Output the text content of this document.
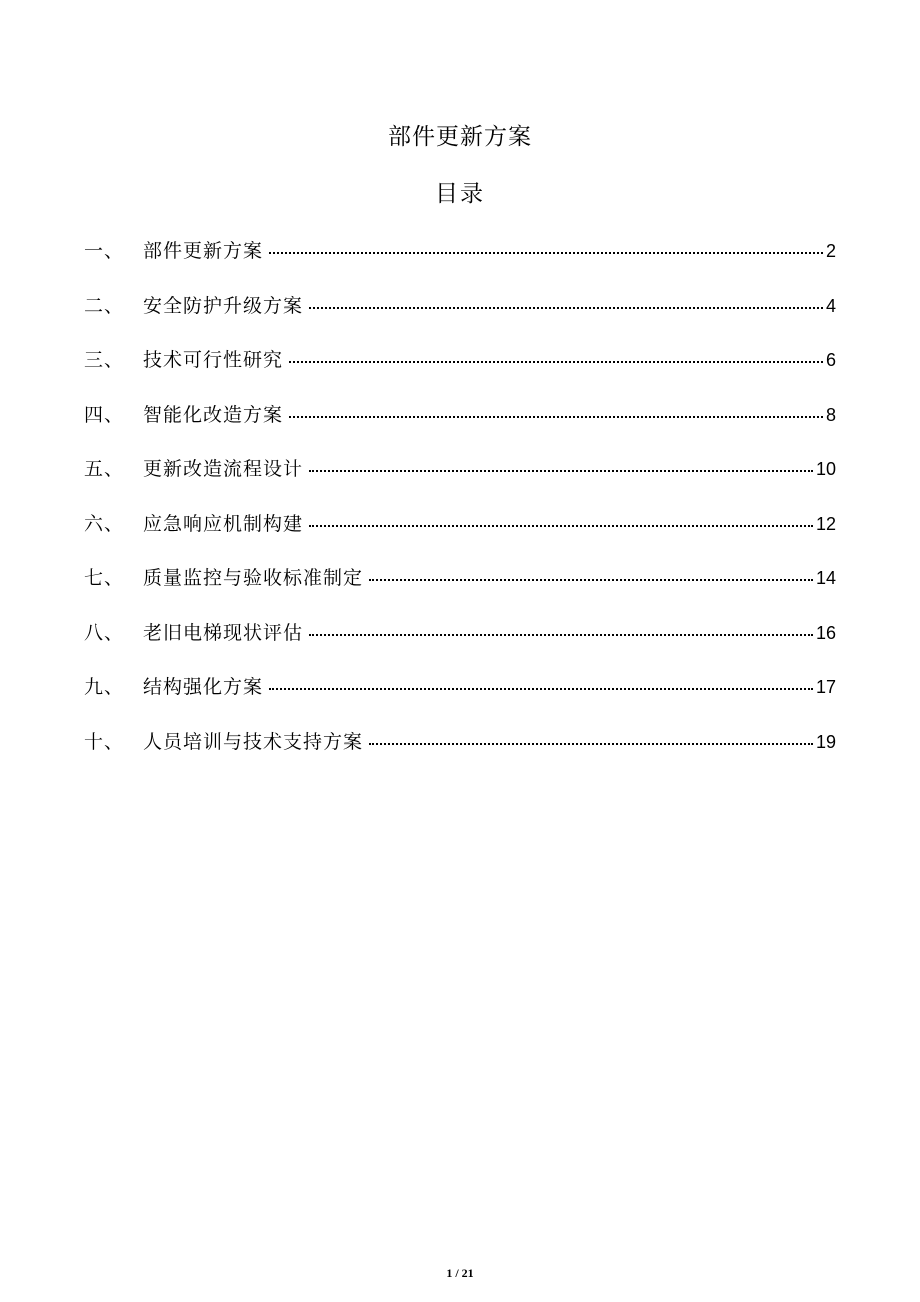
部件更新方案
目录
一、 部件更新方案	2
二、 安全防护升级方案	4
三、 技术可行性研究	6
四、 智能化改造方案	8
五、 更新改造流程设计	10
六、 应急响应机制构建	12
七、 质量监控与验收标准制定	14
八、 老旧电梯现状评估	16
九、 结构强化方案	17
十、 人员培训与技术支持方案	19
1 / 21
